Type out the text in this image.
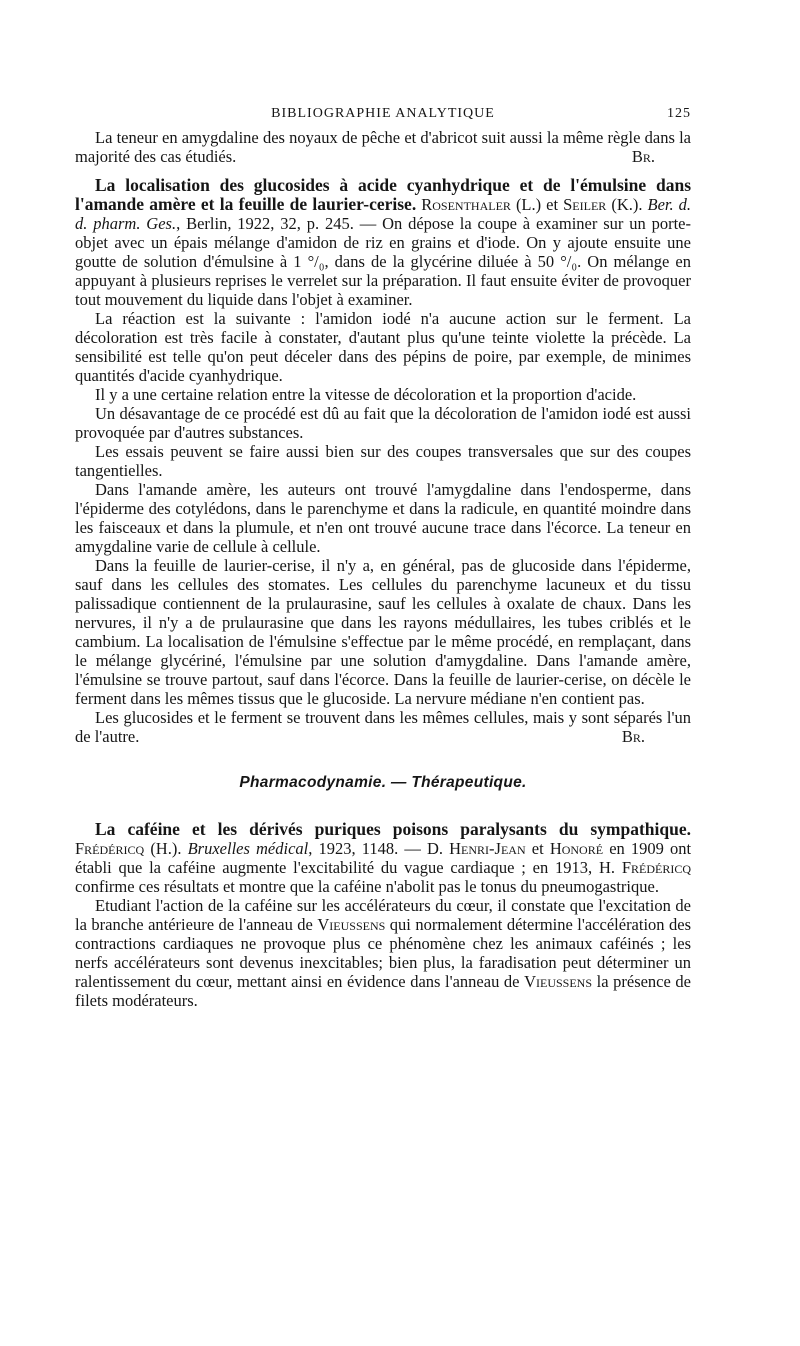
BIBLIOGRAPHIE ANALYTIQUE	125

La teneur en amygdaline des noyaux de pêche et d'abricot suit aussi la même règle dans la majorité des cas étudiés.	Br.

La localisation des glucosides à acide cyanhydrique et de l'émulsine dans l'amande amère et la feuille de laurier-cerise. Rosenthaler (L.) et Seiler (K.). Ber. d. d. pharm. Ges., Berlin, 1922, 32, p. 245. — On dépose la coupe à examiner sur un porte-objet avec un épais mélange d'amidon de riz en grains et d'iode. On y ajoute ensuite une goutte de solution d'émulsine à 1 °/₀, dans de la glycérine diluée à 50 °/₀. On mélange en appuyant à plusieurs reprises le verrelet sur la préparation. Il faut ensuite éviter de provoquer tout mouvement du liquide dans l'objet à examiner.

La réaction est la suivante : l'amidon iodé n'a aucune action sur le ferment. La décoloration est très facile à constater, d'autant plus qu'une teinte violette la précède. La sensibilité est telle qu'on peut déceler dans des pépins de poire, par exemple, de minimes quantités d'acide cyanhydrique.

Il y a une certaine relation entre la vitesse de décoloration et la proportion d'acide.

Un désavantage de ce procédé est dû au fait que la décoloration de l'amidon iodé est aussi provoquée par d'autres substances.

Les essais peuvent se faire aussi bien sur des coupes transversales que sur des coupes tangentielles.

Dans l'amande amère, les auteurs ont trouvé l'amygdaline dans l'endosperme, dans l'épiderme des cotylédons, dans le parenchyme et dans la radicule, en quantité moindre dans les faisceaux et dans la plumule, et n'en ont trouvé aucune trace dans l'écorce. La teneur en amygdaline varie de cellule à cellule.

Dans la feuille de laurier-cerise, il n'y a, en général, pas de glucoside dans l'épiderme, sauf dans les cellules des stomates. Les cellules du parenchyme lacuneux et du tissu palissadique contiennent de la prulaurasine, sauf les cellules à oxalate de chaux. Dans les nervures, il n'y a de prulaurasine que dans les rayons médullaires, les tubes criblés et le cambium. La localisation de l'émulsine s'effectue par le même procédé, en remplaçant, dans le mélange glycériné, l'émulsine par une solution d'amygdaline. Dans l'amande amère, l'émulsine se trouve partout, sauf dans l'écorce. Dans la feuille de laurier-cerise, on décèle le ferment dans les mêmes tissus que le glucoside. La nervure médiane n'en contient pas.

Les glucosides et le ferment se trouvent dans les mêmes cellules, mais y sont séparés l'un de l'autre.	Br.

Pharmacodynamie. — Thérapeutique.

La caféine et les dérivés puriques poisons paralysants du sympathique. Frédéricq (H.). Bruxelles médical, 1923, 1148. — D. Henri-Jean et Honoré en 1909 ont établi que la caféine augmente l'excitabilité du vague cardiaque ; en 1913, H. Frédéricq confirme ces résultats et montre que la caféine n'abolit pas le tonus du pneumogastrique.

Etudiant l'action de la caféine sur les accélérateurs du cœur, il constate que l'excitation de la branche antérieure de l'anneau de Vieussens qui normalement détermine l'accélération des contractions cardiaques ne provoque plus ce phénomène chez les animaux caféinés ; les nerfs accélérateurs sont devenus inexcitables; bien plus, la faradisation peut déterminer un ralentissement du cœur, mettant ainsi en évidence dans l'anneau de Vieussens la présence de filets modérateurs.
